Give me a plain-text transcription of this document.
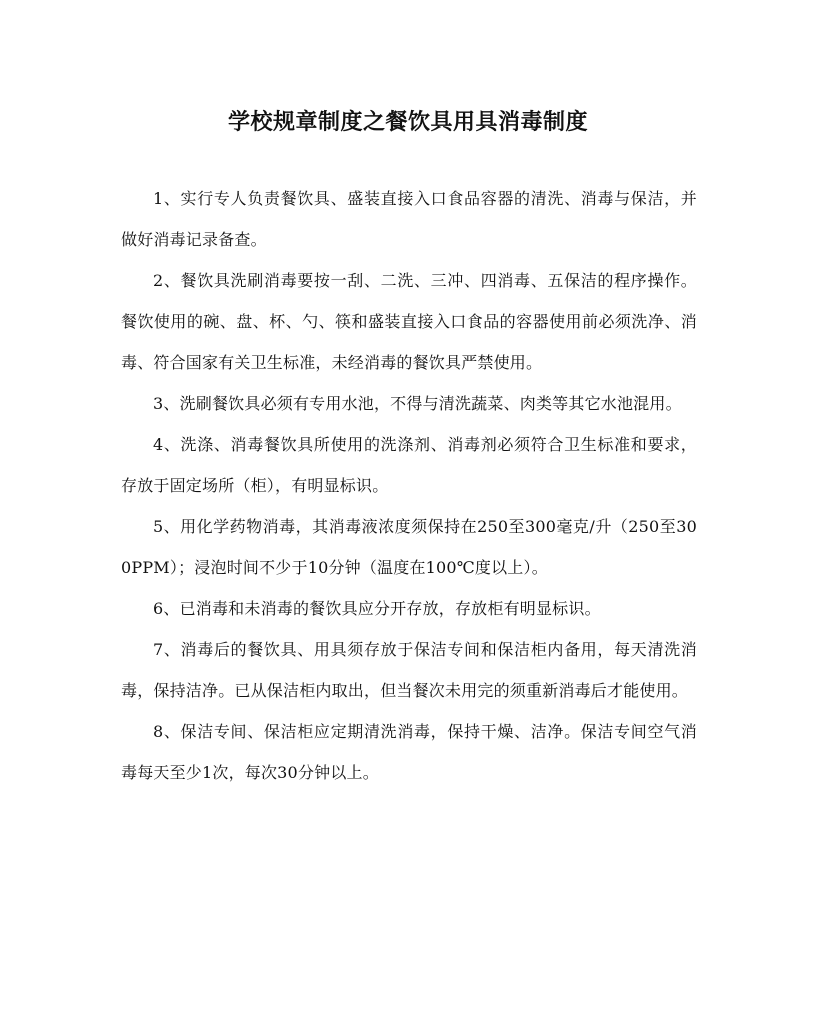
学校规章制度之餐饮具用具消毒制度

1、实行专人负责餐饮具、盛装直接入口食品容器的清洗、消毒与保洁，并做好消毒记录备查。

2、餐饮具洗刷消毒要按一刮、二洗、三冲、四消毒、五保洁的程序操作。餐饮使用的碗、盘、杯、勺、筷和盛装直接入口食品的容器使用前必须洗净、消毒、符合国家有关卫生标准，未经消毒的餐饮具严禁使用。

3、洗刷餐饮具必须有专用水池，不得与清洗蔬菜、肉类等其它水池混用。

4、洗涤、消毒餐饮具所使用的洗涤剂、消毒剂必须符合卫生标准和要求，存放于固定场所（柜），有明显标识。

5、用化学药物消毒，其消毒液浓度须保持在250至300毫克/升（250至300PPM）；浸泡时间不少于10分钟（温度在100℃度以上）。

6、已消毒和未消毒的餐饮具应分开存放，存放柜有明显标识。

7、消毒后的餐饮具、用具须存放于保洁专间和保洁柜内备用，每天清洗消毒，保持洁净。已从保洁柜内取出，但当餐次未用完的须重新消毒后才能使用。

8、保洁专间、保洁柜应定期清洗消毒，保持干燥、洁净。保洁专间空气消毒每天至少1次，每次30分钟以上。
